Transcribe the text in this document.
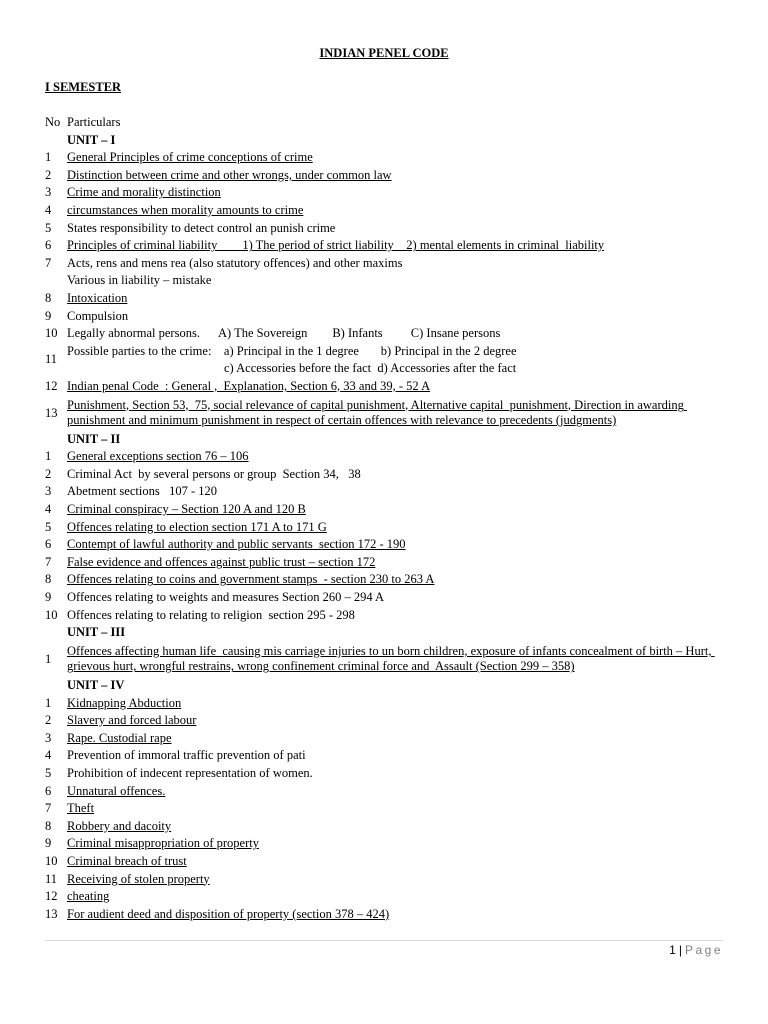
INDIAN PENEL CODE
I SEMESTER
No Particulars
UNIT – I
1	General Principles of crime conceptions of crime
2	Distinction between crime and other wrongs, under common law
3	Crime and morality distinction
4	circumstances when morality amounts to crime
5	States responsibility to detect control an punish crime
6	Principles of criminal liability        1) The period of strict liability    2) mental elements in criminal  liability
7	Acts, rens and mens rea (also statutory offences) and other maxims
Various in liability – mistake
8	Intoxication
9	Compulsion
10 Legally abnormal persons.      A) The Sovereign        B) Infants         C) Insane persons
11
Possible parties to the crime:    a) Principal in the 1 degree       b) Principal in the 2 degree
c) Accessories before the fact  d) Accessories after the fact
12 Indian penal Code  : General ,  Explanation, Section 6, 33 and 39, - 52 A
13
Punishment, Section 53,  75, social relevance of capital punishment, Alternative capital  punishment, Direction in awarding punishment and minimum punishment in respect of certain offences with relevance to precedents (judgments)
UNIT – II
1	General exceptions section 76 – 106
2	Criminal Act  by several persons or group  Section 34,   38
3	Abetment sections   107 - 120
4	Criminal conspiracy – Section 120 A and 120 B
5	Offences relating to election section 171 A to 171 G
6	Contempt of lawful authority and public servants  section 172 - 190
7	False evidence and offences against public trust – section 172
8	Offences relating to coins and government stamps  - section 230 to 263 A
9	Offences relating to weights and measures Section 260 – 294 A
10 Offences relating to relating to religion  section 295 - 298
UNIT – III
1
Offences affecting human life  causing mis carriage injuries to un born children, exposure of infants concealment of birth – Hurt, grievous hurt, wrongful restrains, wrong confinement criminal force and  Assault (Section 299 – 358)
UNIT – IV
1	Kidnapping Abduction
2	Slavery and forced labour
3	Rape. Custodial rape
4	Prevention of immoral traffic prevention of pati
5	Prohibition of indecent representation of women.
6	Unnatural offences.
7	Theft
8	Robbery and dacoity
9	Criminal misappropriation of property
10 Criminal breach of trust
11 Receiving of stolen property
12 cheating
13 For audient deed and disposition of property (section 378 – 424)
1 | Page
